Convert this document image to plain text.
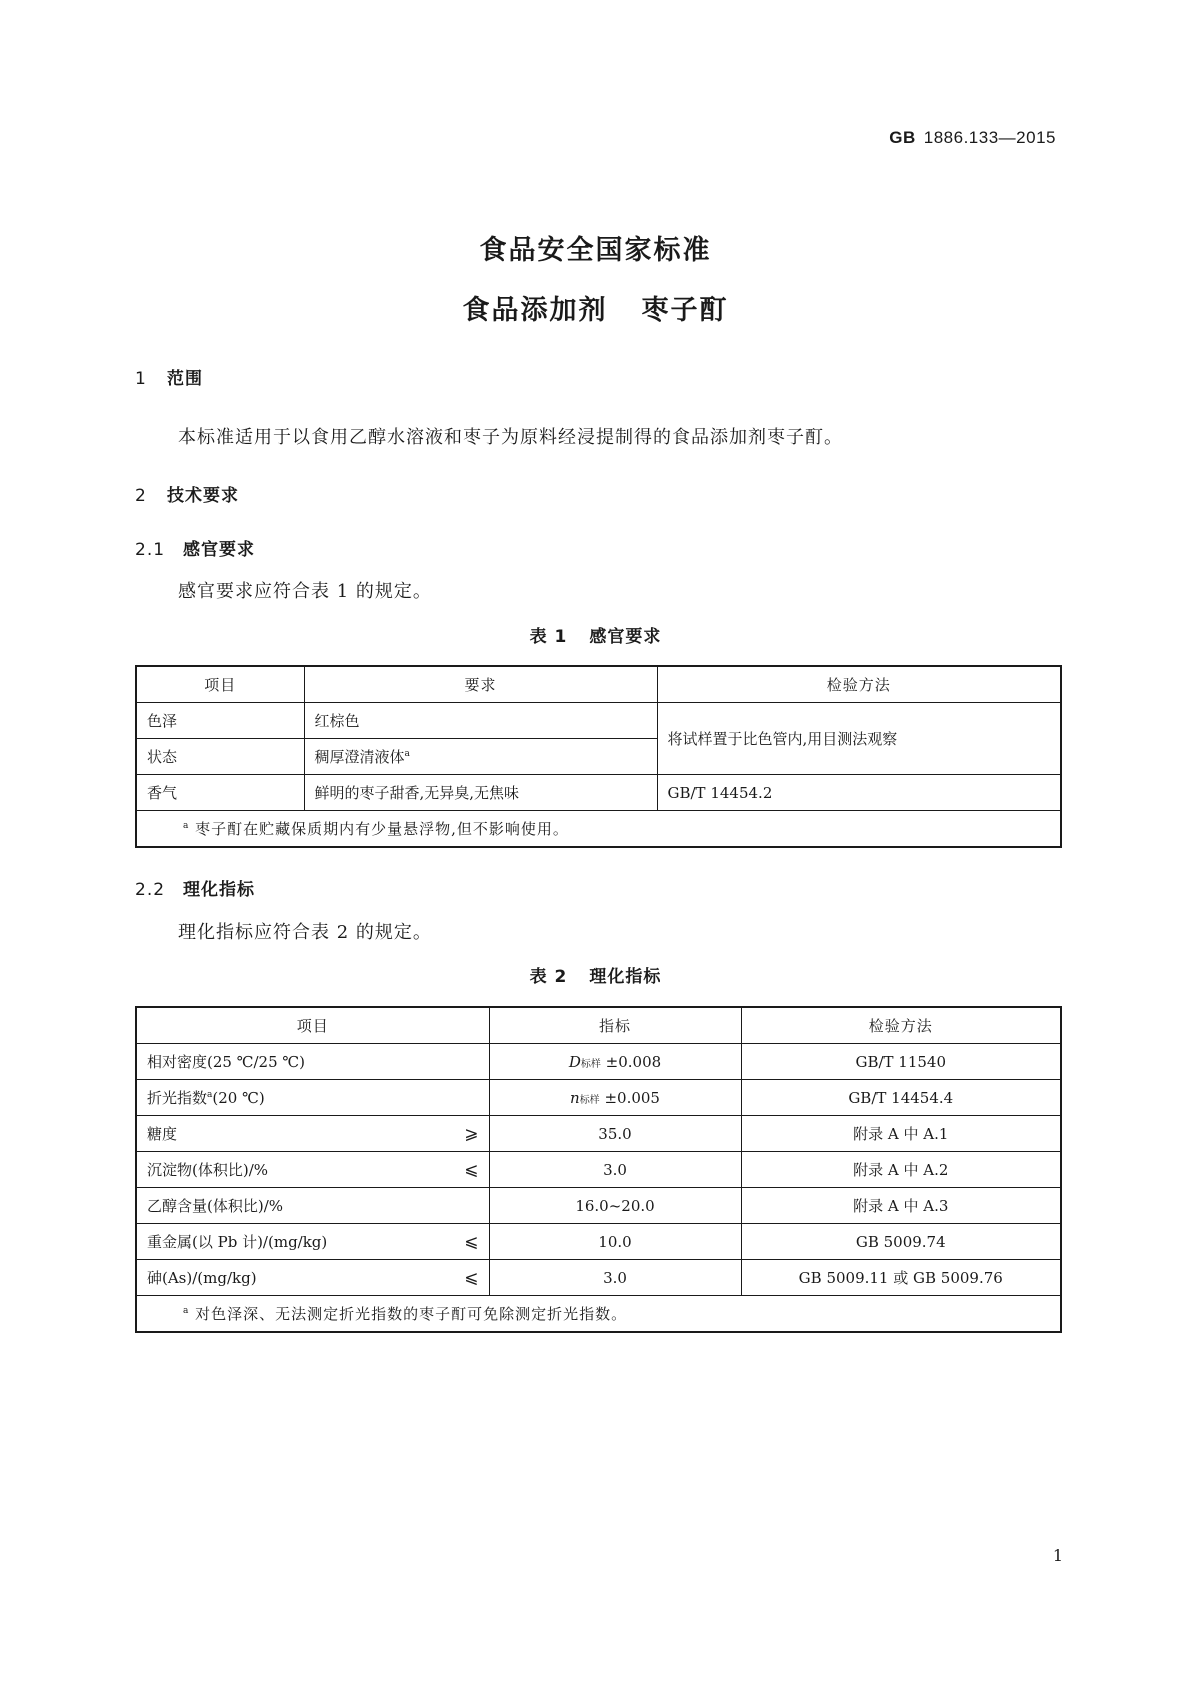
GB 1886.133—2015
食品安全国家标准
食品添加剂 枣子酊
1 范围
本标准适用于以食用乙醇水溶液和枣子为原料经浸提制得的食品添加剂枣子酊。
2 技术要求
2.1 感官要求
感官要求应符合表 1 的规定。
表 1 感官要求
项目	要求	检验方法
色泽	红棕色	将试样置于比色管内,用目测法观察
状态	稠厚澄清液体$^a$
香气	鲜明的枣子甜香,无异臭,无焦味	GB/T 14454.2
$^a$ 枣子酊在贮藏保质期内有少量悬浮物,但不影响使用。		
2.2 理化指标
理化指标应符合表 2 的规定。
表 2 理化指标
项目	指标	检验方法
相对密度(25 ℃/25 ℃)	D标样 ±0.008	GB/T 11540
折光指数$^a$(20 ℃)	n标样 ±0.005	GB/T 14454.4

糖度 ⩾	35.0	附录 A 中 A.1

沉淀物(体积比)/% ⩽	3.0	附录 A 中 A.2
乙醇含量(体积比)/%	16.0~20.0	附录 A 中 A.3

重金属(以 Pb 计)/(mg/kg) ⩽	10.0	GB 5009.74

砷(As)/(mg/kg) ⩽	3.0	GB 5009.11 或 GB 5009.76
$^a$ 对色泽深、无法测定折光指数的枣子酊可免除测定折光指数。		
1
